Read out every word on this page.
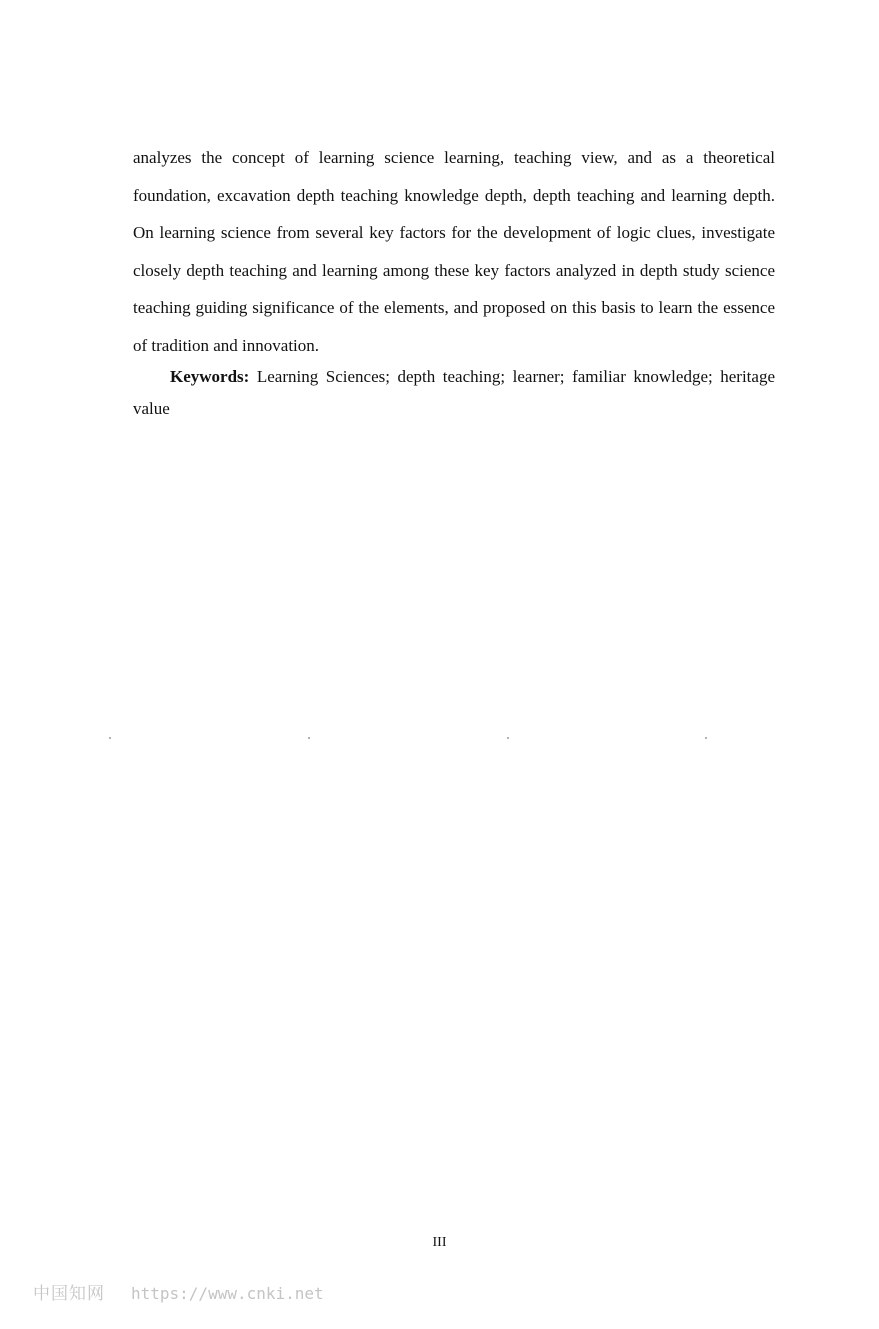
analyzes the concept of learning science learning, teaching view, and as a theoretical foundation, excavation depth teaching knowledge depth, depth teaching and learning depth. On learning science from several key factors for the development of logic clues, investigate closely depth teaching and learning among these key factors analyzed in depth study science teaching guiding significance of the elements, and proposed on this basis to learn the essence of tradition and innovation.

Keywords: Learning Sciences; depth teaching; learner; familiar knowledge; heritage value

III

中国知网 https://www.cnki.net
